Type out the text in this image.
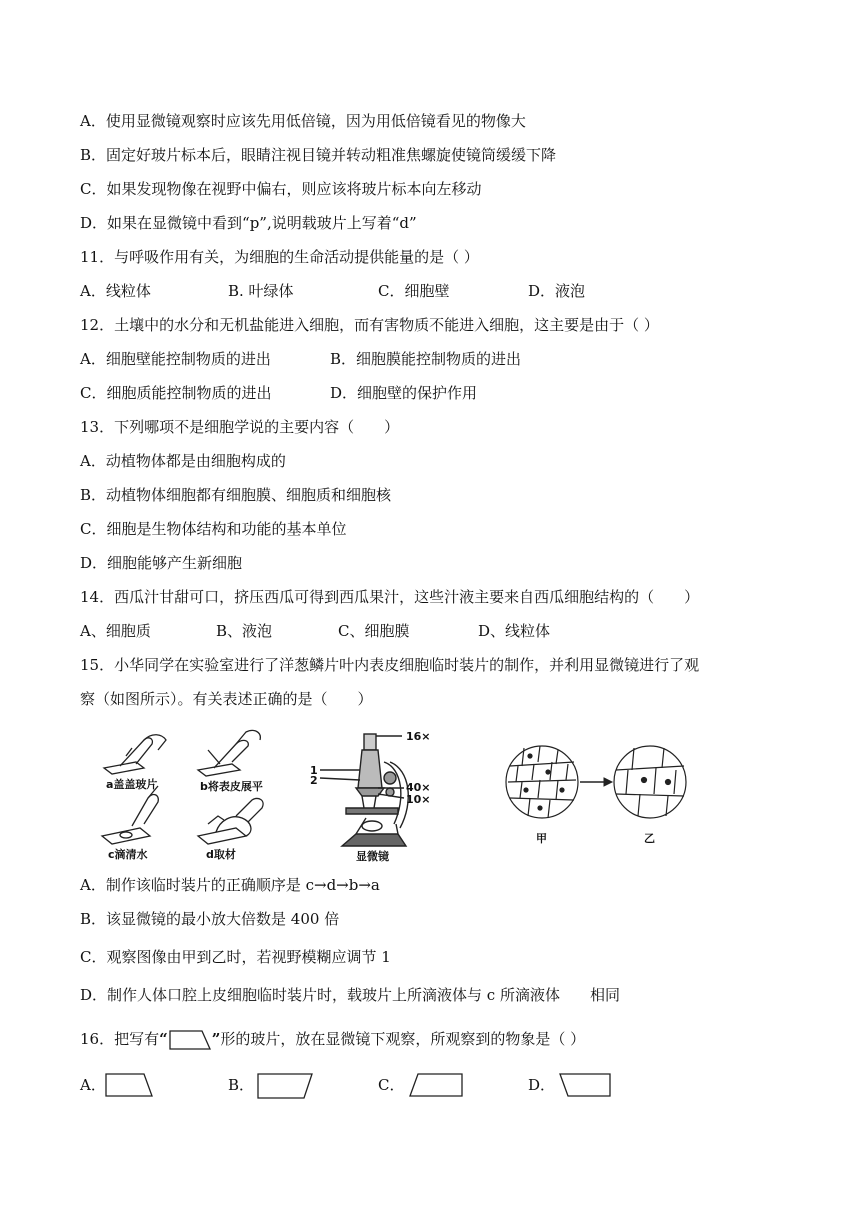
A．使用显微镜观察时应该先用低倍镜，因为用低倍镜看见的物像大
B．固定好玻片标本后，眼睛注视目镜并转动粗准焦螺旋使镜筒缓缓下降
C．如果发现物像在视野中偏右，则应该将玻片标本向左移动
D．如果在显微镜中看到“p”,说明载玻片上写着“d”
11．与呼吸作用有关，为细胞的生命活动提供能量的是（ ）
A．线粒体	B. 叶绿体	C．细胞壁	D．液泡
12．土壤中的水分和无机盐能进入细胞，而有害物质不能进入细胞，这主要是由于（ ）
A．细胞壁能控制物质的进出	B．细胞膜能控制物质的进出
C．细胞质能控制物质的进出	D．细胞壁的保护作用
13．下列哪项不是细胞学说的主要内容（　　）
A．动植物体都是由细胞构成的
B．动植物体细胞都有细胞膜、细胞质和细胞核
C．细胞是生物体结构和功能的基本单位
D．细胞能够产生新细胞
14．西瓜汁甘甜可口，挤压西瓜可得到西瓜果汁，这些汁液主要来自西瓜细胞结构的（　　）
A、细胞质	B、液泡	C、细胞膜	D、线粒体
15．小华同学在实验室进行了洋葱鳞片叶内表皮细胞临时装片的制作，并利用显微镜进行了观
察（如图所示）。有关表述正确的是（　　）
a盖盖玻片	b将表皮展平
c滴清水	d取材
16×
40×
10×
1
2
显微镜
甲	乙
A．制作该临时装片的正确顺序是 c→d→b→a
B．该显微镜的最小放大倍数是 400 倍
C．观察图像由甲到乙时，若视野模糊应调节 1
D．制作人体口腔上皮细胞临时装片时，载玻片上所滴液体与 c 所滴液体　　相同
16．把写有“	”形的玻片，放在显微镜下观察，所观察到的物象是（ ）
A．	B．	C．	D．
